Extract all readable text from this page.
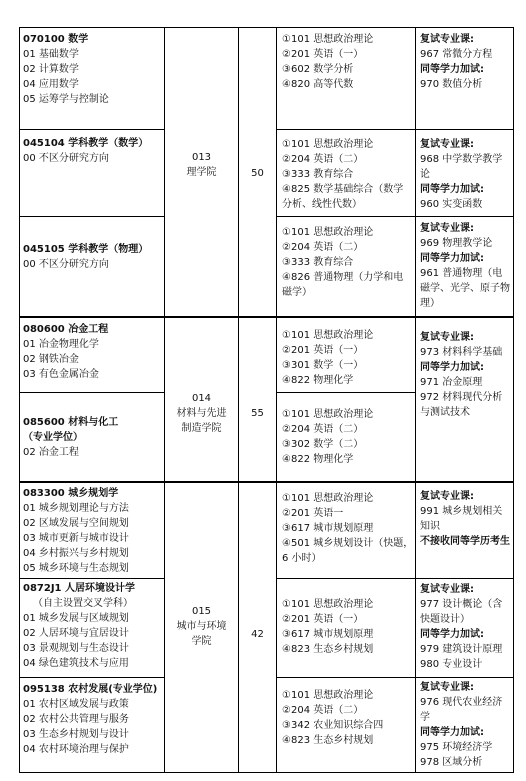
070100 数学
01 基础数学
02 计算数学
04 应用数学
05 运筹学与控制论
①101 思想政治理论
②201 英语（一）
③602 数学分析
④820 高等代数
复试专业课:
967 常微分方程
同等学力加试:
970 数值分析
045104 学科教学（数学）
00 不区分研究方向	013
理学院	50
①101 思想政治理论
②204 英语（二）
③333 教育综合
④825 数学基础综合（数学
分析、线性代数）
复试专业课:
968 中学数学教学论
同等学力加试:
960 实变函数
045105 学科教学（物理）
00 不区分研究方向
①101 思想政治理论
②204 英语（二）
③333 教育综合
④826 普通物理（力学和电
磁学）
复试专业课:
969 物理教学论
同等学力加试:
961 普通物理（电磁学、光学、原子物理）
080600 冶金工程
01 冶金物理化学
02 钢铁冶金
03 有色金属冶金
014
材料与先进
制造学院
55
①101 思想政治理论
②201 英语（一）
③301 数学（一）
④822 物理化学
复试专业课:
973 材料科学基础
同等学力加试:
971 冶金原理
972 材料现代分析与测试技术
085600 材料与化工
（专业学位）
02 冶金工程
①101 思想政治理论
②204 英语（二）
③302 数学（二）
④822 物理化学
083300 城乡规划学
01 城乡规划理论与方法
02 区域发展与空间规划
03 城市更新与城市设计
04 乡村振兴与乡村规划
05 城乡环境与生态规划
①101 思想政治理论
②201 英语一
③617 城市规划原理
④501 城乡规划设计（快题，
6 小时）
复试专业课:
991 城乡规划相关知识
不接收同等学历考生
0872J1 人居环境设计学
（自主设置交叉学科）
01 城乡发展与区域规划
02 人居环境与宜居设计
03 景观规划与生态设计
04 绿色建筑技术与应用
015
城市与环境
学院
42
①101 思想政治理论
②201 英语（一）
③617 城市规划原理
④823 生态乡村规划
复试专业课:
977 设计概论（含快题设计）
同等学力加试:
979 建筑设计原理
980 专业设计
095138 农村发展(专业学位)
01 农村区域发展与政策
02 农村公共管理与服务
03 生态乡村规划与设计
04 农村环境治理与保护
①101 思想政治理论
②204 英语（二）
③342 农业知识综合四
④823 生态乡村规划
复试专业课:
976 现代农业经济学
同等学力加试:
975 环境经济学
978 区域分析
